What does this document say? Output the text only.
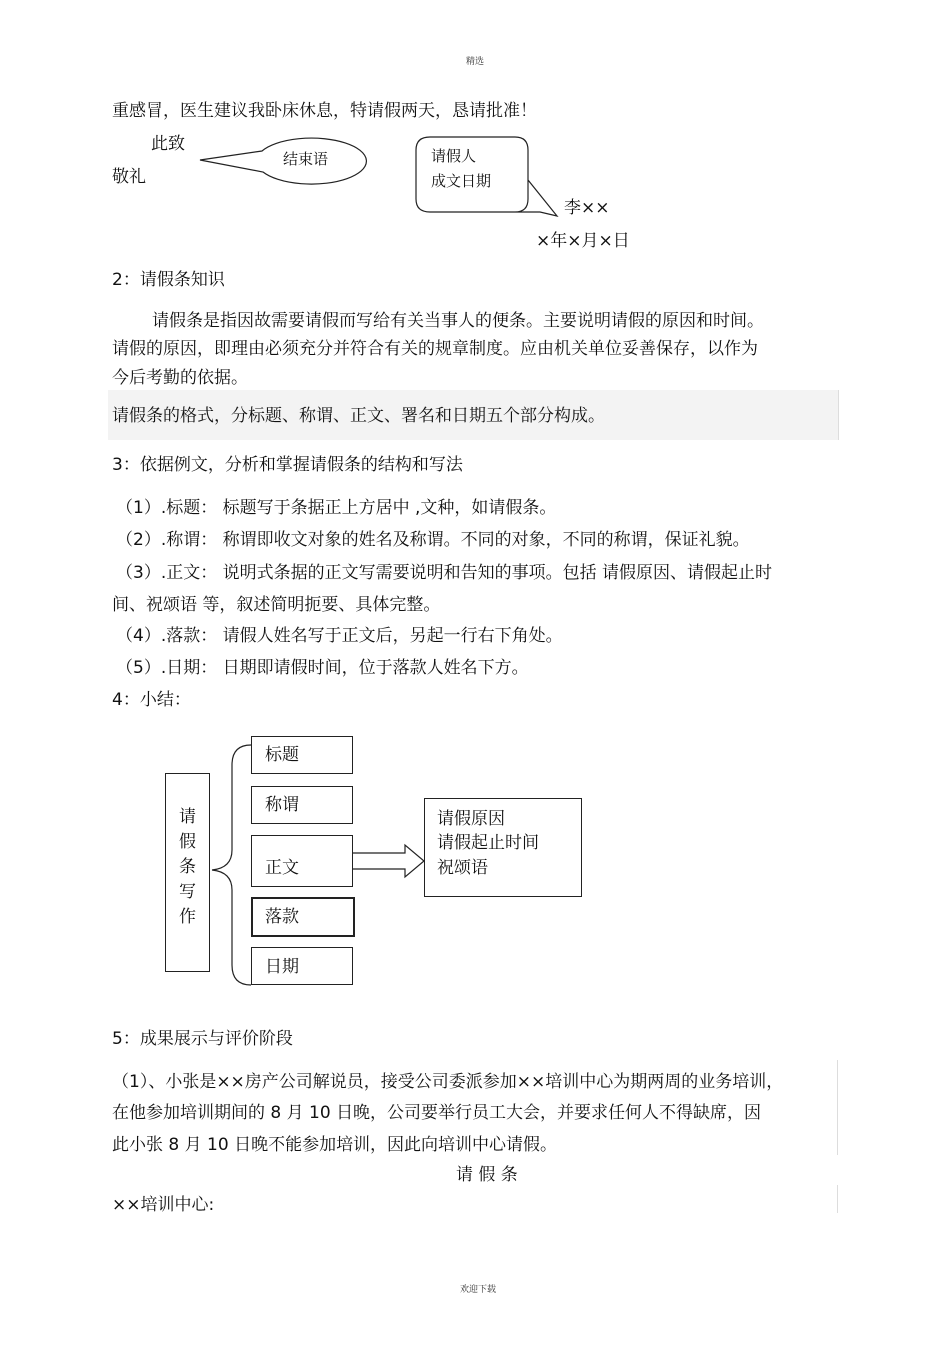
精选
欢迎下载
重感冒，医生建议我卧床休息，特请假两天，恳请批准！
此致
敬礼
结束语	请假人
成文日期
李××
×年×月×日
2：请假条知识
请假条是指因故需要请假而写给有关当事人的便条。主要说明请假的原因和时间。
请假的原因，即理由必须充分并符合有关的规章制度。应由机关单位妥善保存，以作为
今后考勤的依据。
请假条的格式，分标题、称谓、正文、署名和日期五个部分构成。
3：依据例文，分析和掌握请假条的结构和写法
（1）.标题： 标题写于条据正上方居中 ,文种，如请假条。
（2）.称谓： 称谓即收文对象的姓名及称谓。不同的对象，不同的称谓，保证礼貌。
（3）.正文： 说明式条据的正文写需要说明和告知的事项。包括 请假原因、请假起止时
间、祝颂语 等，叙述简明扼要、具体完整。
（4）.落款： 请假人姓名写于正文后，另起一行右下角处。
（5）.日期： 日期即请假时间，位于落款人姓名下方。
4：小结：
请
假
条
写
作
标题
称谓
正文
落款
日期
请假原因
请假起止时间
祝颂语
5：成果展示与评价阶段
（1）、小张是××房产公司解说员，接受公司委派参加××培训中心为期两周的业务培训，
在他参加培训期间的 8 月 10 日晚，公司要举行员工大会，并要求任何人不得缺席，因
此小张 8 月 10 日晚不能参加培训，因此向培训中心请假。
请 假 条
××培训中心:
